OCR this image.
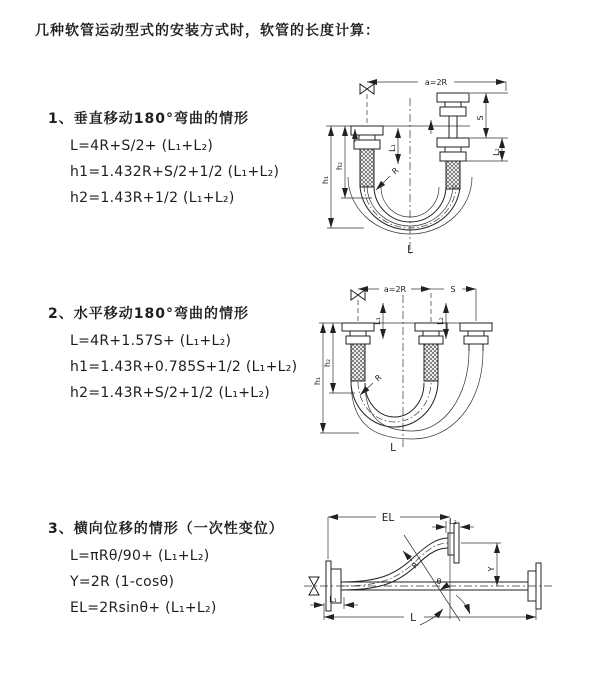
几种软管运动型式的安装方式时，软管的长度计算：
1、垂直移动180°弯曲的情形
L=4R+S/2+ (L₁+L₂)
h1=1.432R+S/2+1/2 (L₁+L₂)
h2=1.43R+1/2 (L₁+L₂)
a=2R
S
L₂
h₁
h₂
L₁
R
L
2、水平移动180°弯曲的情形
L=4R+1.57S+ (L₁+L₂)
h1=1.43R+0.785S+1/2 (L₁+L₂)
h2=1.43R+S/2+1/2 (L₁+L₂)
a=2R	S
h₁
h₂
L₁	L₂
R
L
3、横向位移的情形（一次性变位）
L=πRθ/90+ (L₁+L₂)
Y=2R (1-cosθ)
EL=2Rsinθ+ (L₁+L₂)
θ
EL	L₂
Y
L
L₁
R
